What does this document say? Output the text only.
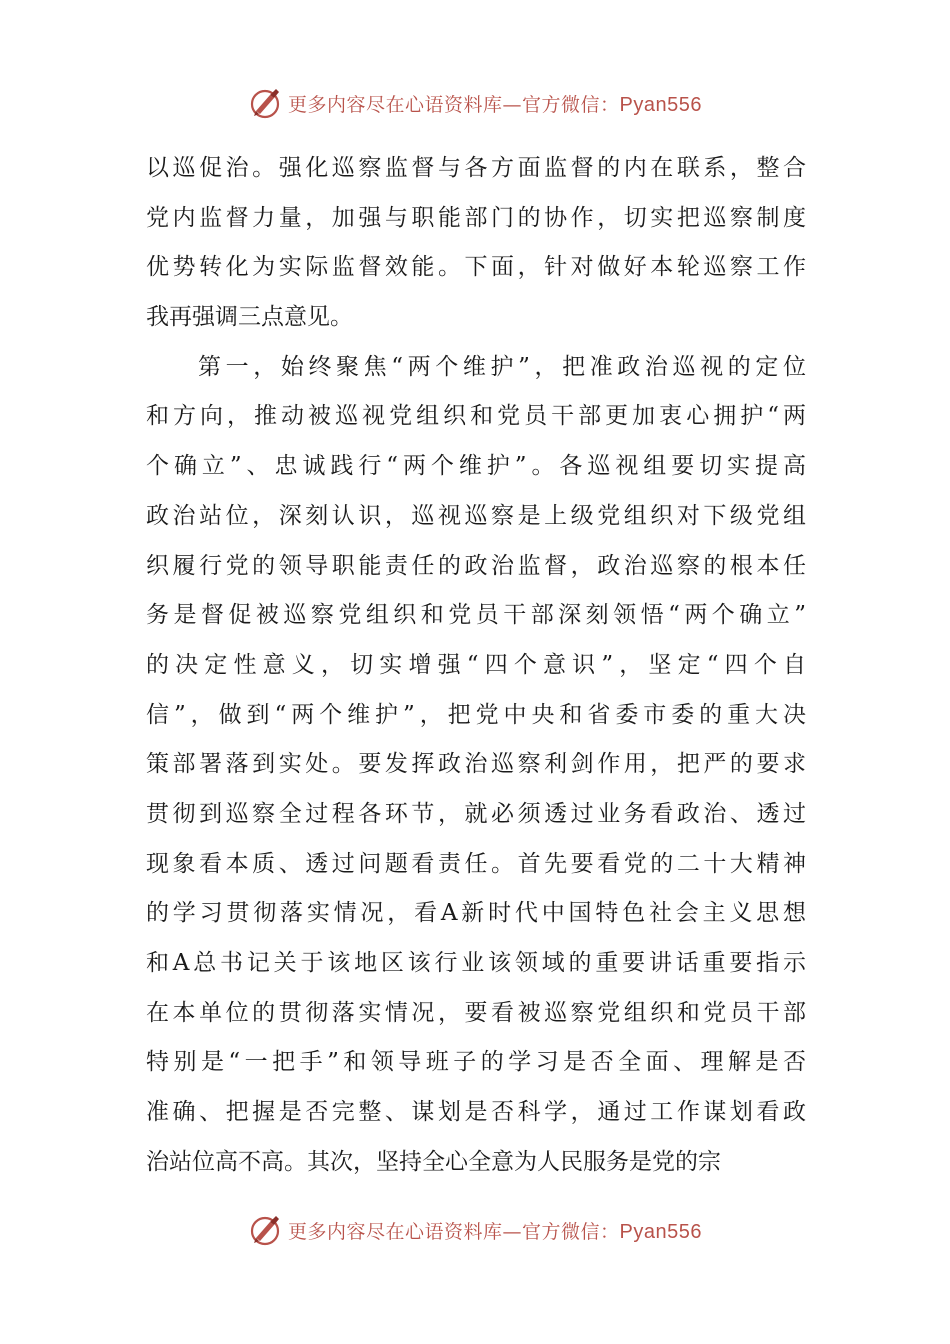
更多内容尽在心语资料库—官方微信：Pyan556
以巡促治。强化巡察监督与各方面监督的内在联系，整合
党内监督力量，加强与职能部门的协作，切实把巡察制度
优势转化为实际监督效能。下面，针对做好本轮巡察工作
我再强调三点意见。
第一，始终聚焦“两个维护”，把准政治巡视的定位
和方向，推动被巡视党组织和党员干部更加衷心拥护“两
个确立”、忠诚践行“两个维护”。各巡视组要切实提高
政治站位，深刻认识，巡视巡察是上级党组织对下级党组
织履行党的领导职能责任的政治监督，政治巡察的根本任
务是督促被巡察党组织和党员干部深刻领悟“两个确立”
的决定性意义，切实增强“四个意识”，坚定“四个自
信”，做到“两个维护”，把党中央和省委市委的重大决
策部署落到实处。要发挥政治巡察利剑作用，把严的要求
贯彻到巡察全过程各环节，就必须透过业务看政治、透过
现象看本质、透过问题看责任。首先要看党的二十大精神
的学习贯彻落实情况，看A新时代中国特色社会主义思想
和A总书记关于该地区该行业该领域的重要讲话重要指示
在本单位的贯彻落实情况，要看被巡察党组织和党员干部
特别是“一把手”和领导班子的学习是否全面、理解是否
准确、把握是否完整、谋划是否科学，通过工作谋划看政
治站位高不高。其次，坚持全心全意为人民服务是党的宗
更多内容尽在心语资料库—官方微信：Pyan556
